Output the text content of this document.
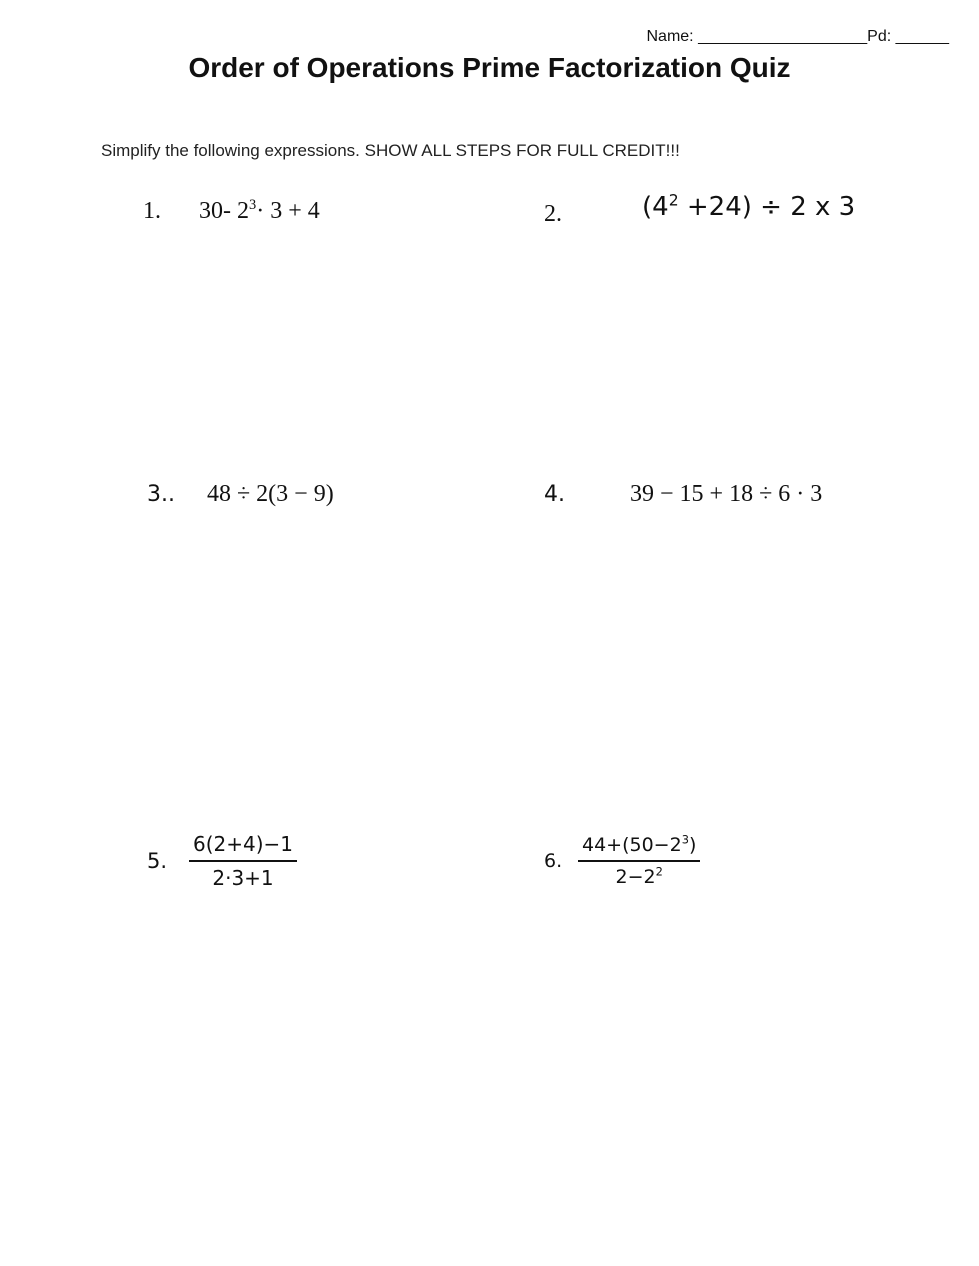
Name: ___________________Pd: ______
Order of Operations Prime Factorization Quiz
Simplify the following expressions. SHOW ALL STEPS FOR FULL CREDIT!!!
1. 30- $2^3\cdot 3 + 4$	2.	$(4^2 +24) \div 2$ x 3
3.. 48 ÷ 2(3 − 9)	4.	39 − 15 + 18 ÷ 6 · 3
5. $\frac{6(2+4)-1}{2\cdot 3+1}$	6. $\frac{44+(50-2^3)}{2-2^2}$
